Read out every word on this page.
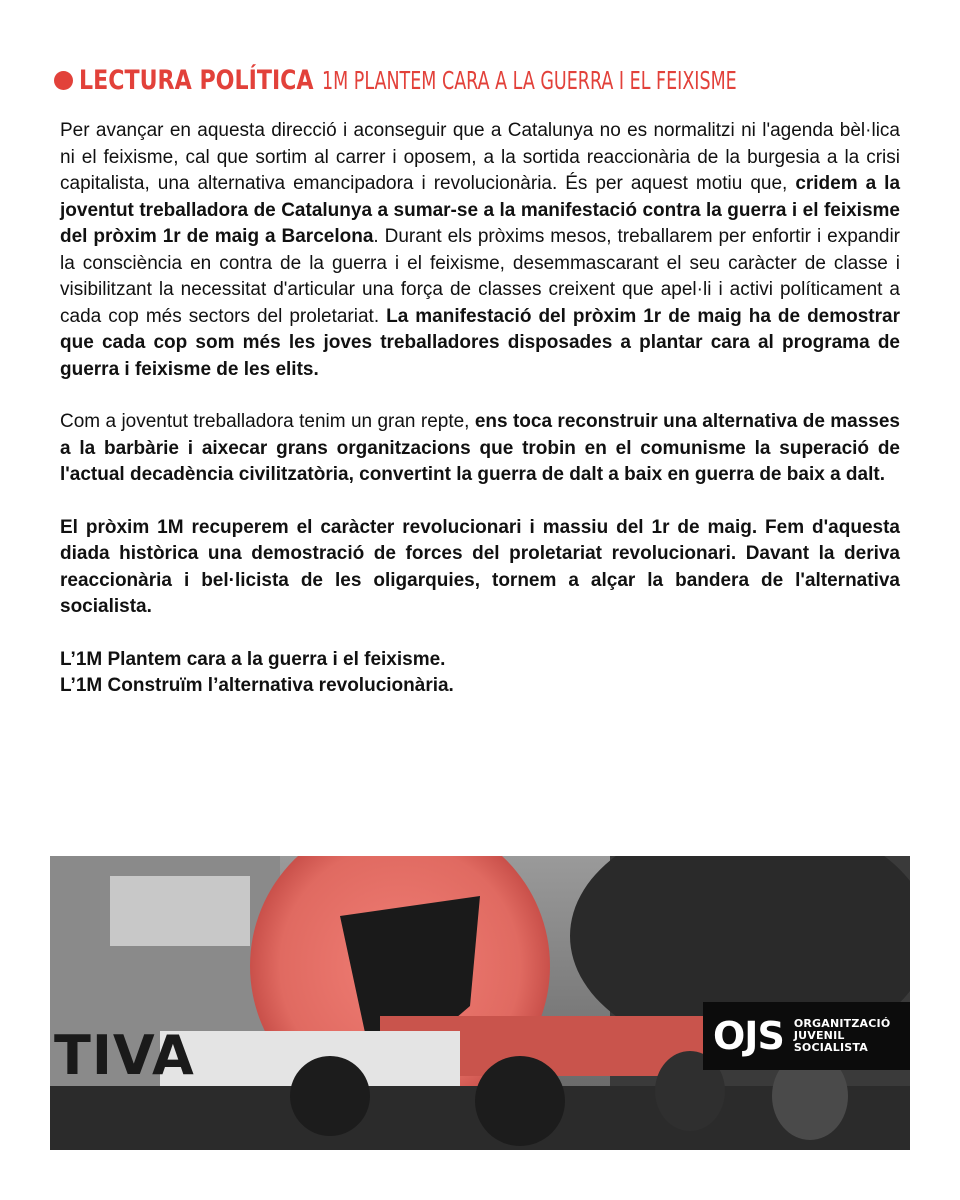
LECTURA POLÍTICA 1M PLANTEM CARA A LA GUERRA I EL FEIXISME

Per avançar en aquesta direcció i aconseguir que a Catalunya no es normalitzi ni l'agenda bèl·lica ni el feixisme, cal que sortim al carrer i oposem, a la sortida reaccionària de la burgesia a la crisi capitalista, una alternativa emancipadora i revolucionària. És per aquest motiu que, cridem a la joventut treballadora de Catalunya a sumar-se a la manifestació contra la guerra i el feixisme del pròxim 1r de maig a Barcelona. Durant els pròxims mesos, treballarem per enfortir i expandir la consciència en contra de la guerra i el feixisme, desemmascarant el seu caràcter de classe i visibilitzant la necessitat d'articular una força de classes creixent que apel·li i activi políticament a cada cop més sectors del proletariat. La manifestació del pròxim 1r de maig ha de demostrar que cada cop som més les joves treballadores disposades a plantar cara al programa de guerra i feixisme de les elits.

Com a joventut treballadora tenim un gran repte, ens toca reconstruir una alternativa de masses a la barbàrie i aixecar grans organitzacions que trobin en el comunisme la superació de l'actual decadència civilitzatòria, convertint la guerra de dalt a baix en guerra de baix a dalt.

El pròxim 1M recuperem el caràcter revolucionari i massiu del 1r de maig. Fem d'aquesta diada històrica una demostració de forces del proletariat revolucionari. Davant la deriva reaccionària i bel·licista de les oligarquies, tornem a alçar la bandera de l'alternativa socialista.

L’1M Plantem cara a la guerra i el feixisme.

L’1M Construïm l’alternativa revolucionària.

TIVA	OJS ORGANITZACIÓ
JUVENIL
SOCIALISTA
